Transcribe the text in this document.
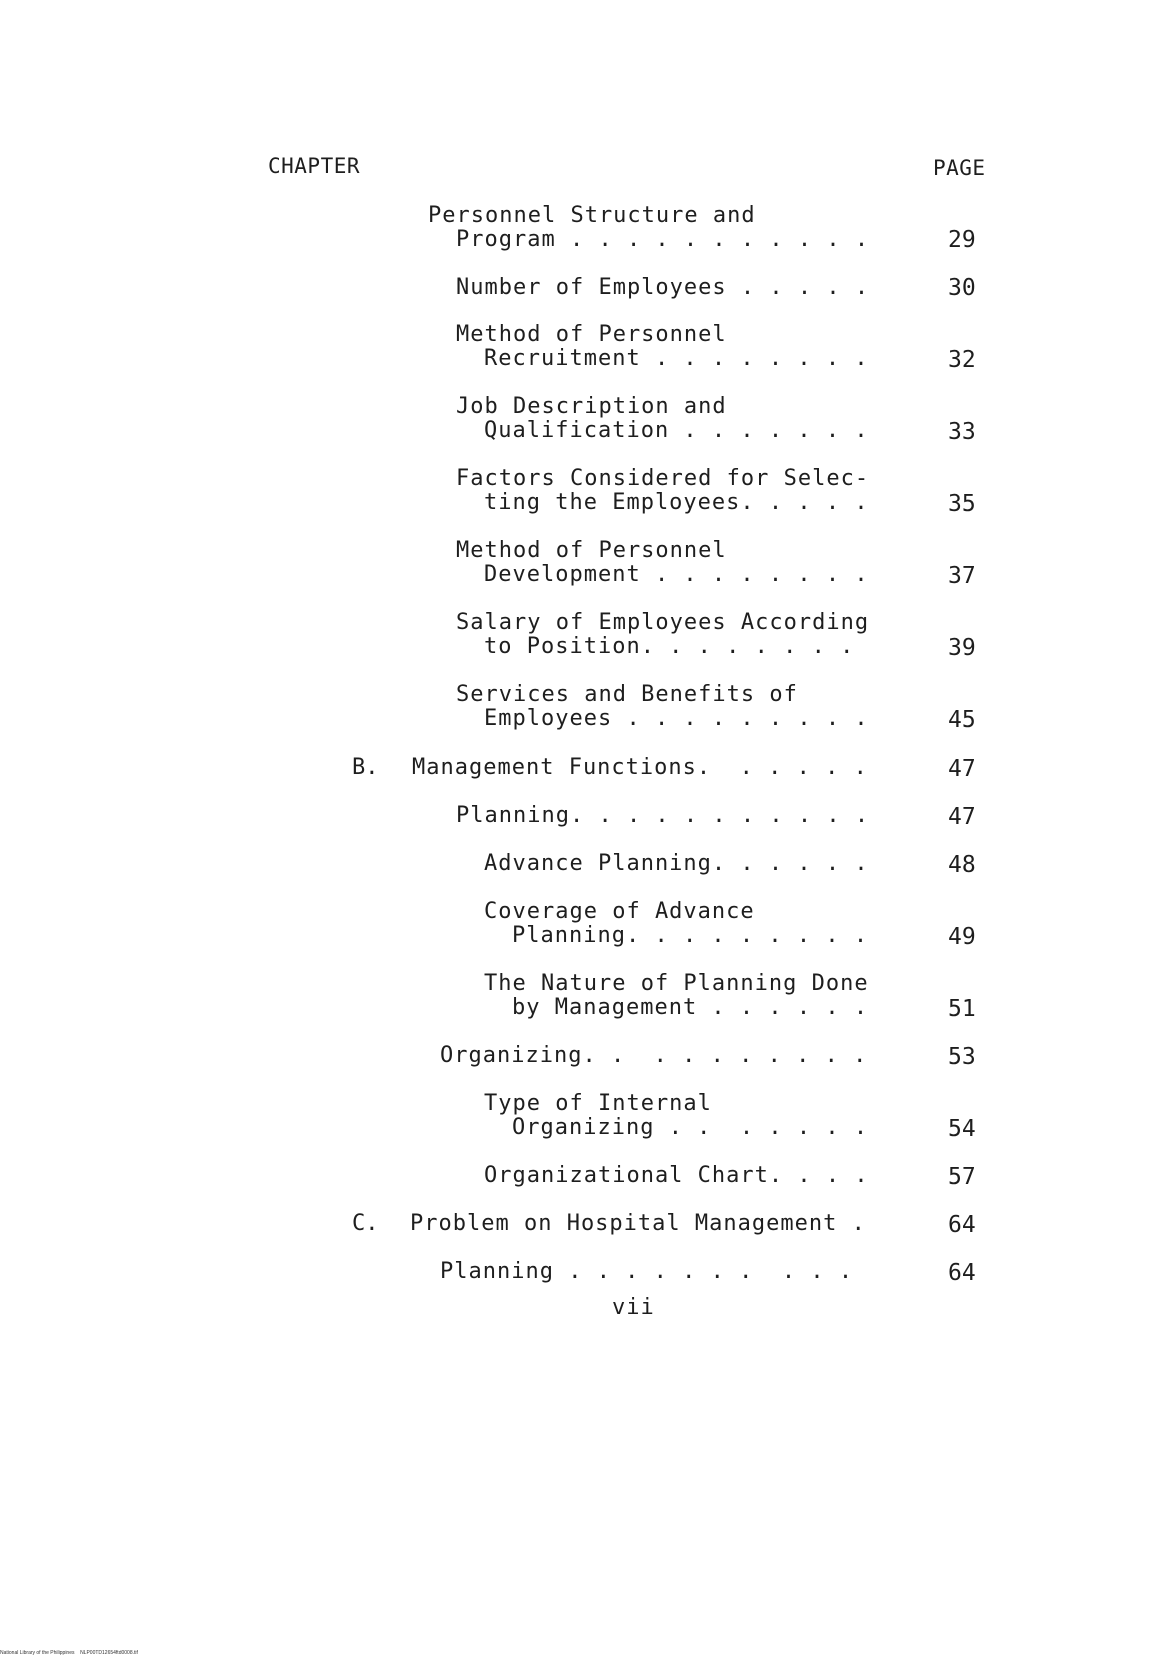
CHAPTER	PAGE
Personnel Structure and
Program . . . . . . . . . . .	29
Number of Employees . . . . .	30
Method of Personnel
Recruitment . . . . . . . .	32
Job Description and
Qualification . . . . . . .	33
Factors Considered for Selec-
ting the Employees. . . . .	35
Method of Personnel
Development . . . . . . . .	37
Salary of Employees According
to Position. . . . . . . .	39
Services and Benefits of
Employees . . . . . . . . .	45
B. Management Functions.  . . . . .	47
Planning. . . . . . . . . . .	47
Advance Planning. . . . . .	48
Coverage of Advance
Planning. . . . . . . . .	49
The Nature of Planning Done
by Management . . . . . .	51
Organizing. .  . . . . . . . .	53
Type of Internal
Organizing . .  . . . . .	54
Organizational Chart. . . .	57
C. Problem on Hospital Management .	64
Planning . . . . . . .  . . .	64
vii
National Library of the Philippines NLP00TD12654ftd0008.tif
